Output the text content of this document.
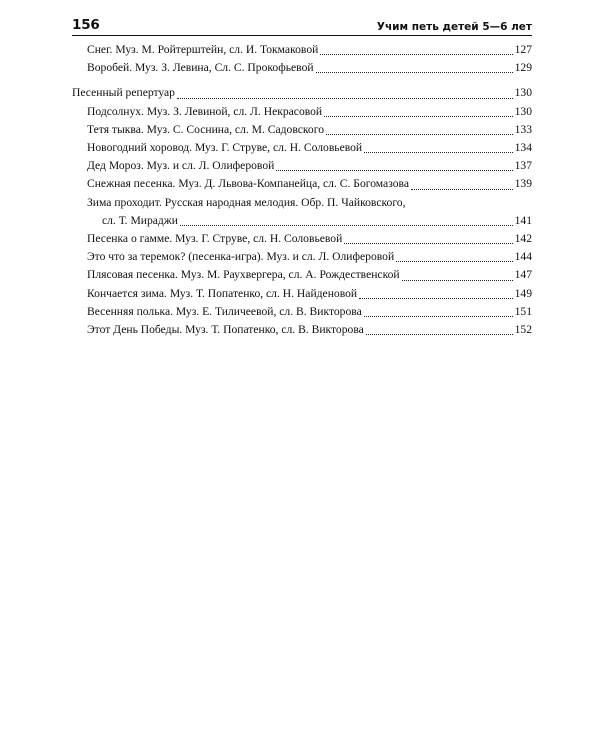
156	Учим петь детей 5—6 лет
Снег. Муз. М. Ройтерштейн, сл. И. Токмаковой	127
Воробей. Муз. З. Левина, Сл. С. Прокофьевой	129
Песенный репертуар	130
Подсолнух. Муз. З. Левиной, сл. Л. Некрасовой	130
Тетя тыква. Муз. С. Соснина, сл. М. Садовского	133
Новогодний хоровод. Муз. Г. Струве, сл. Н. Соловьевой	134
Дед Мороз. Муз. и сл. Л. Олиферовой	137
Снежная песенка. Муз. Д. Львова-Компанейца, сл. С. Богомазова	139
Зима проходит. Русская народная мелодия. Обр. П. Чайковского,
сл. Т. Мираджи	141
Песенка о гамме. Муз. Г. Струве, сл. Н. Соловьевой	142
Это что за теремок? (песенка-игра). Муз. и сл. Л. Олиферовой	144
Плясовая песенка. Муз. М. Раухвергера, сл. А. Рождественской	147
Кончается зима. Муз. Т. Попатенко, сл. Н. Найденовой	149
Весенняя полька. Муз. Е. Тиличеевой, сл. В. Викторова	151
Этот День Победы. Муз. Т. Попатенко, сл. В. Викторова	152
